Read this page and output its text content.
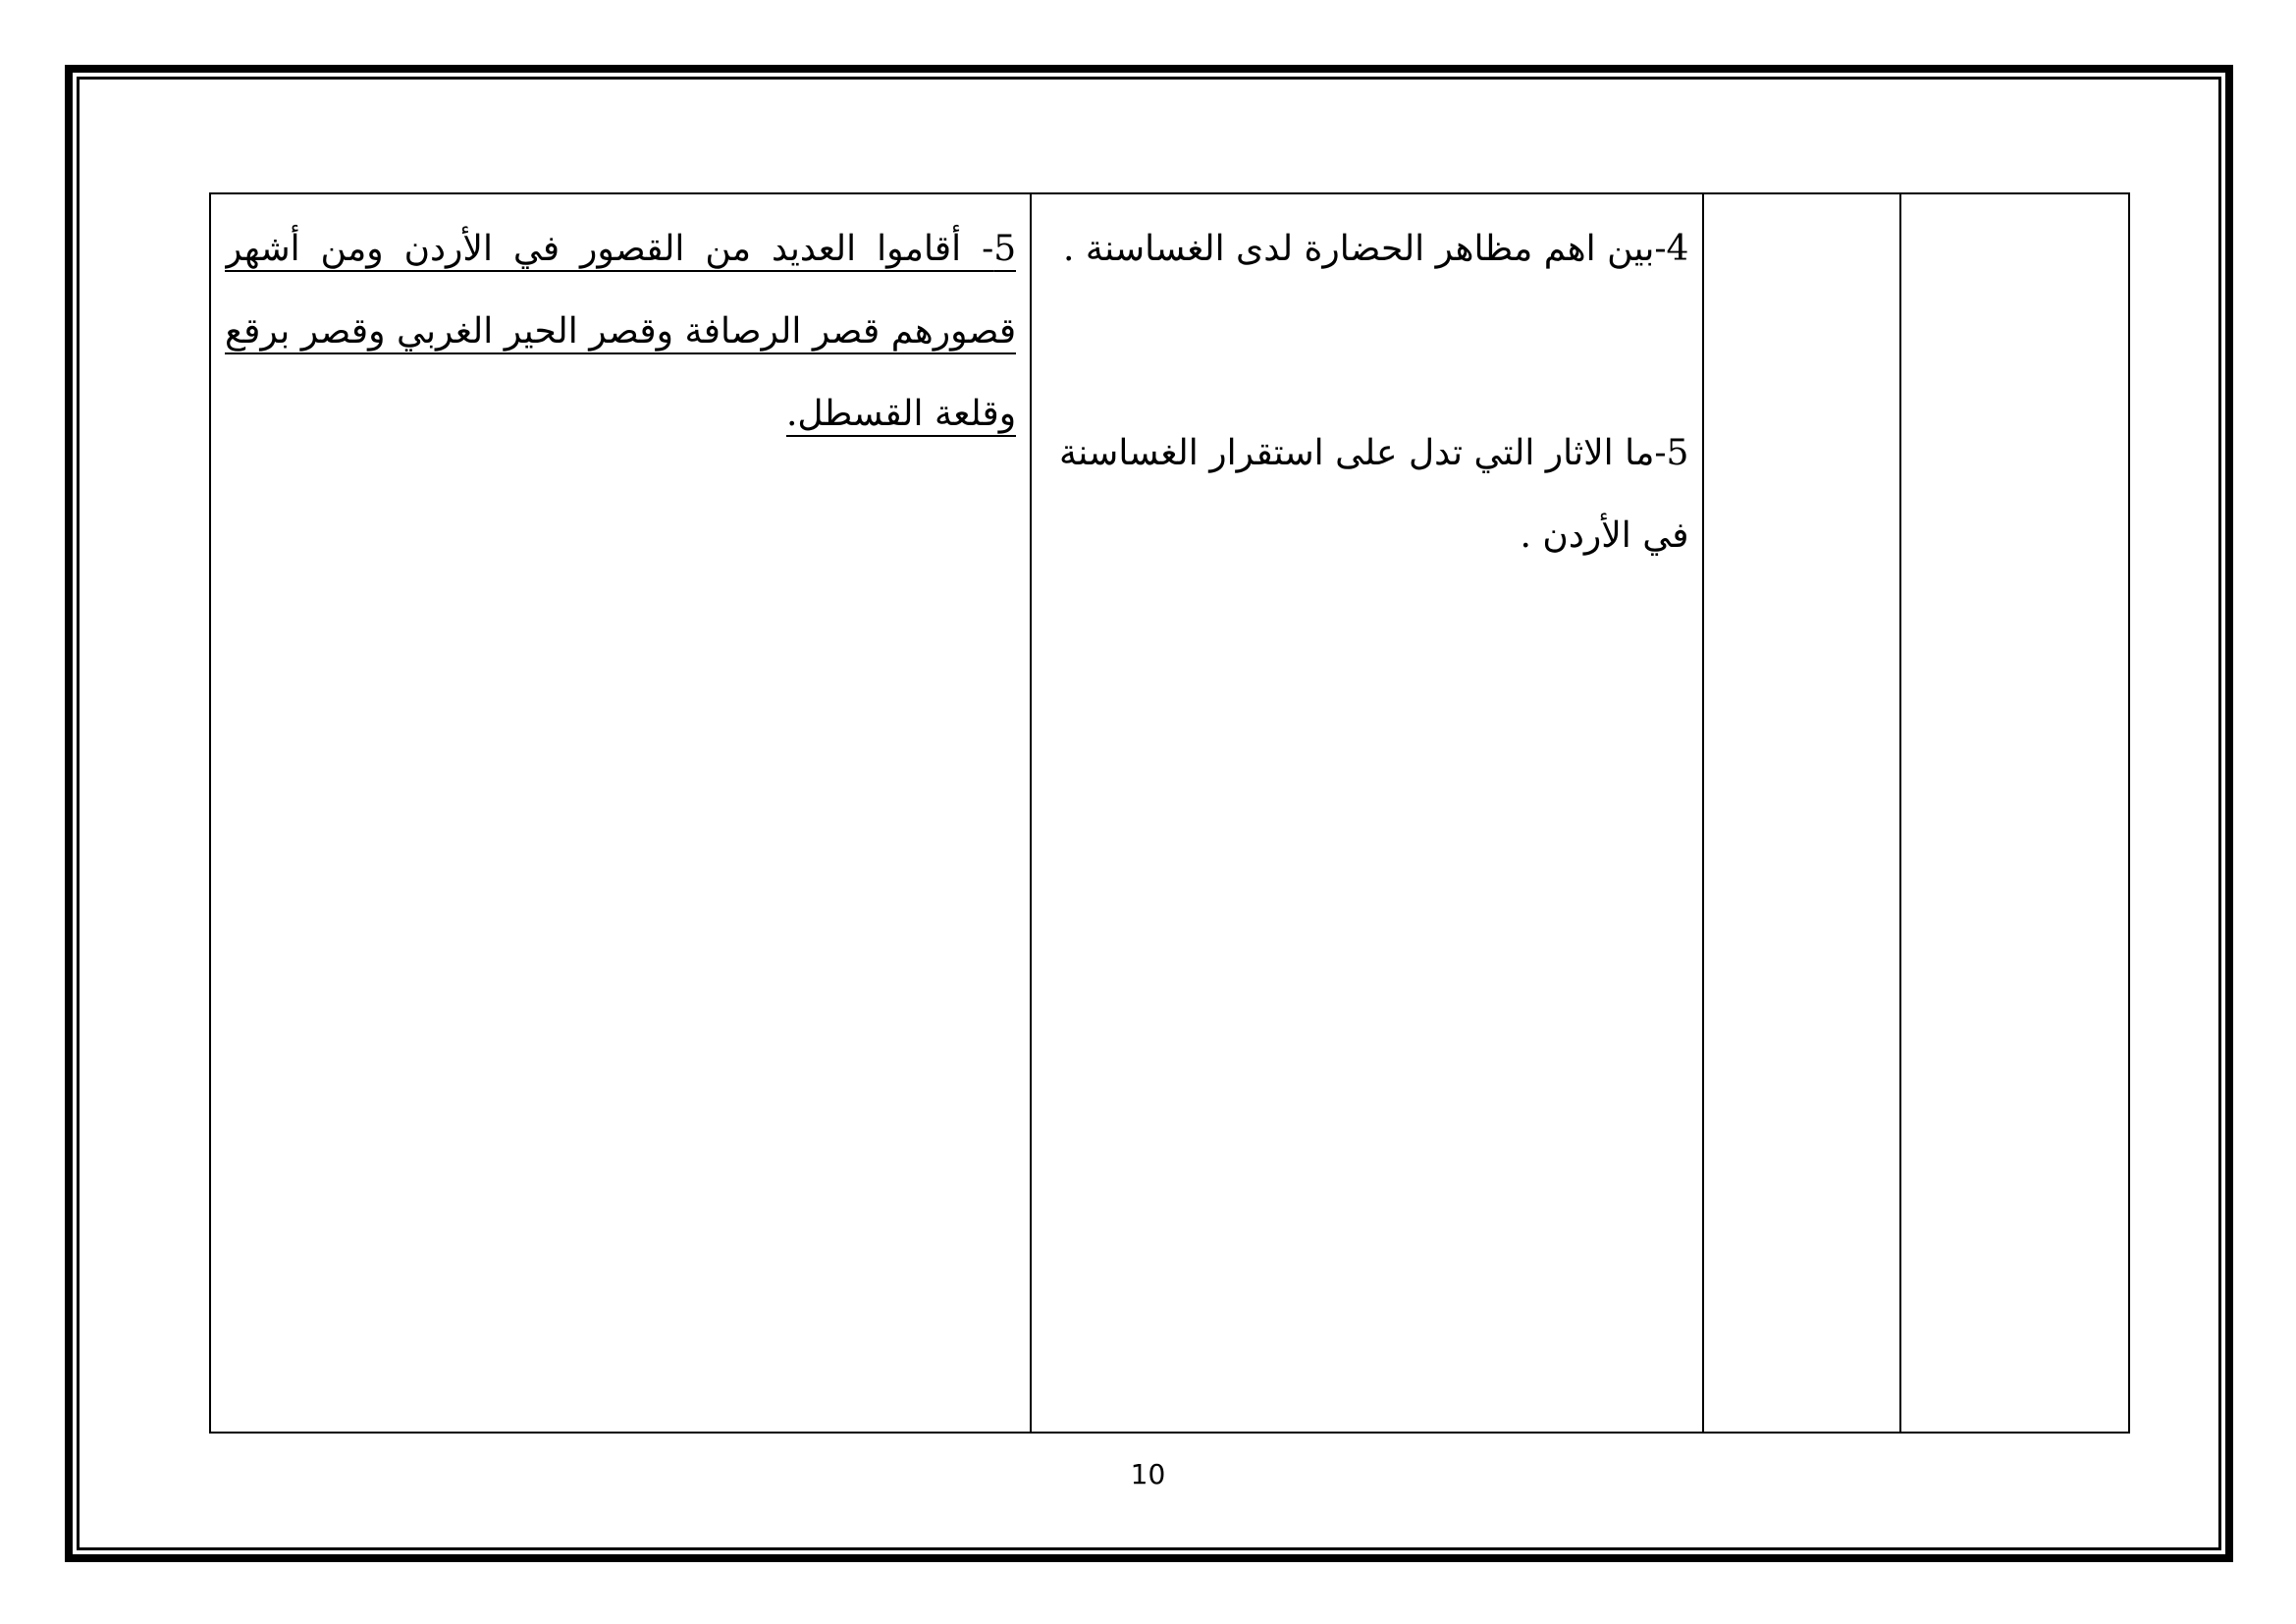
5- أقاموا العديد من القصور في الأردن ومن أشهر
قصورهم قصر الرصافة وقصر الحير الغربي وقصر برقع
وقلعة القسطل.
4-بين اهم مظاهر الحضارة لدى الغساسنة .
5-ما الاثار التي تدل على استقرار الغساسنة
في الأردن .
10
